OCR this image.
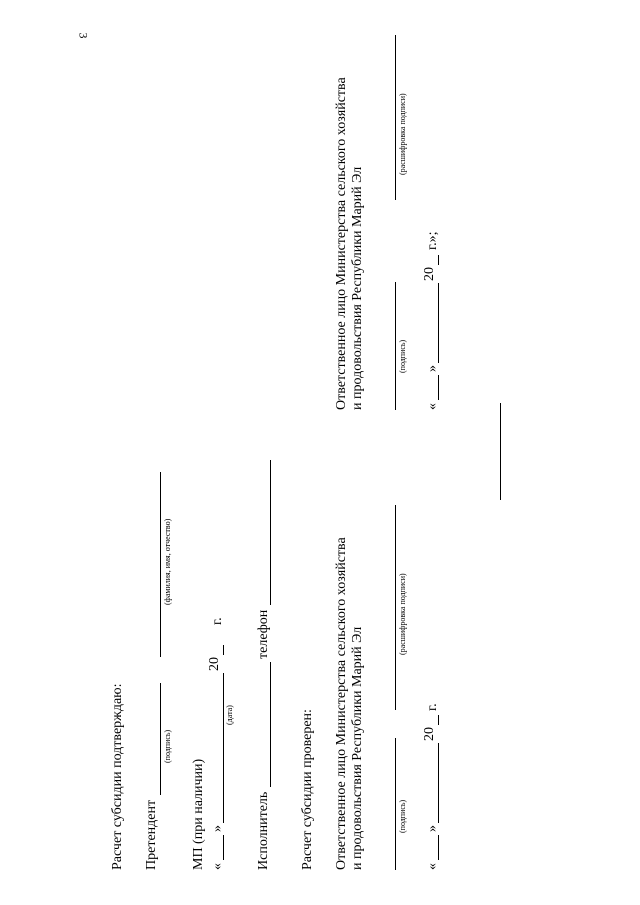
3
Расчет субсидии подтверждаю: Претендент
(подпись)
(фамилия, имя, отчество)
МП (при наличии) «
»
(дата)
20
г.
Исполнитель
телефон
Расчет субсидии проверен: Ответственное лицо Министерства сельского хозяйства и продовольствия Республики Марий Эл	(подпись)
(расшифровка подписи)
«
»
20
г.
Ответственное лицо Министерства сельского хозяйства и продовольствия Республики Марий Эл	(подпись)
(расшифровка подписи)
«
»
20
г.»;
